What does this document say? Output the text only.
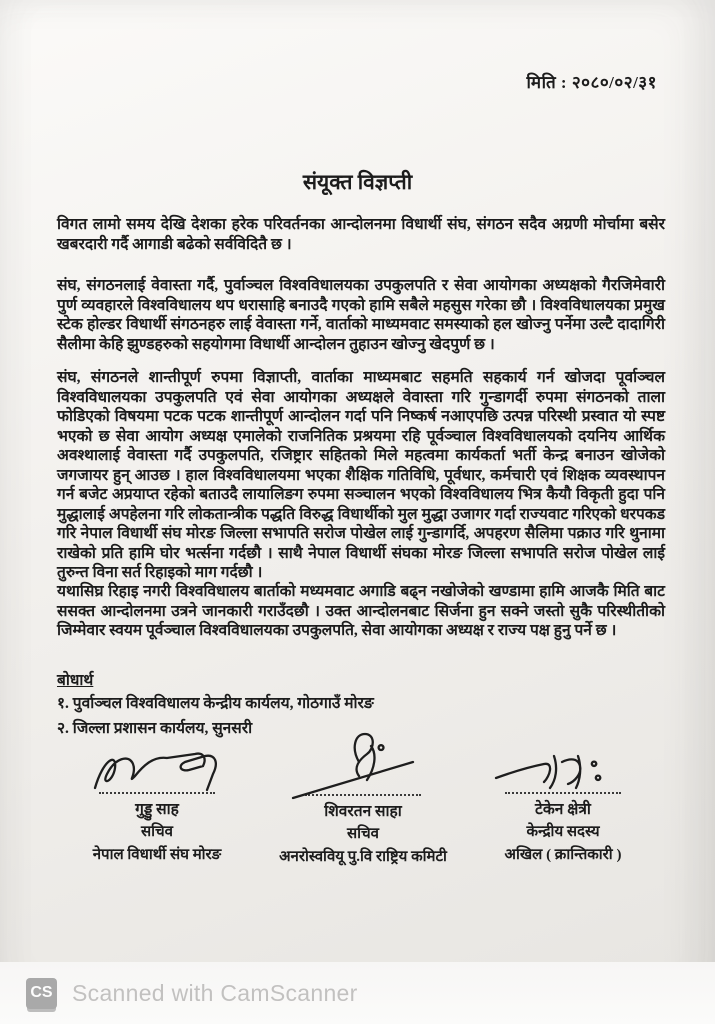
मिति : २०८०/०२/३१
संयूक्त विज्ञप्ती
विगत लामो समय देखि देशका हरेक परिवर्तनका आन्दोलनमा विधार्थी संघ, संगठन सदैव अग्रणी मोर्चामा बसेर खबरदारी गर्दै आगाडी बढेको सर्वविदितै छ ।
संघ, संगठनलाई वेवास्ता गर्दै, पुर्वाञ्चल विश्वविधालयका उपकुलपति र सेवा आयोगका अध्यक्षको गैरजिमेवारी पुर्ण व्यवहारले विश्वविधालय थप धरासाहि बनाउदै गएको हामि सबैले महसुस गरेका छौ । विश्वविधालयका प्रमुख स्टेक होल्डर विधार्थी संगठनहरु लाई वेवास्ता गर्ने, वार्ताको माध्यमवाट समस्याको हल खोज्नु पर्नेमा उल्टै दादागिरी सैलीमा केहि झुण्डहरुको सहयोगमा विधार्थी आन्दोलन तुहाउन खोज्नु खेदपुर्ण छ ।
संघ, संगठनले शान्तीपूर्ण रुपमा विज्ञाप्ती, वार्ताका माध्यमबाट सहमति सहकार्य गर्न खोजदा पूर्वाञ्चल विश्वविधालयका उपकुलपति एवं सेवा आयोगका अध्यक्षले वेवास्ता गरि गुन्डागर्दी रुपमा संगठनको ताला फोडिएको विषयमा पटक पटक शान्तीपूर्ण आन्दोलन गर्दा पनि निष्कर्ष नआएपछि उत्पन्न परिस्थी प्रस्वात यो स्पष्ट भएको छ सेवा आयोग अध्यक्ष एमालेको राजनितिक प्रश्रयमा रहि पूर्वञ्चाल विश्वविधालयको दयनिय आर्थिक अवश्थालाई वेवास्ता गर्दै उपकुलपति, रजिष्ट्रार सहितको मिले महत्वमा कार्यकर्ता भर्ती केन्द्र बनाउन खोजेको जगजायर हुन् आउछ । हाल विश्वविधालयमा भएका शैक्षिक गतिविधि, पूर्वधार, कर्मचारी एवं शिक्षक व्यवस्थापन गर्न बजेट अप्रयाप्त रहेको बताउदै लायालिङग रुपमा सञ्चालन भएको विश्वविधालय भित्र कैयौ विकृती हुदा पनि मुद्धालाई अपहेलना गरि लोकतान्त्रीक पद्धति विरुद्ध विधार्थीको मुल मुद्धा उजागर गर्दा राज्यवाट गरिएको धरपकड गरि नेपाल विधार्थी संघ मोरङ जिल्ला सभापति सरोज पोखेल लाई गुन्डागर्दि, अपहरण सैलिमा पक्राउ गरि थुनामा राखेको प्रति हामि घोर भर्त्सना गर्दछौ । साथै नेपाल विधार्थी संघका मोरङ जिल्ला सभापति सरोज पोखेल लाई तुरुन्त विना सर्त रिहाइको माग गर्दछौ ।
यथासिघ्र रिहाइ नगरी विश्वविधालय बार्ताको मध्यमवाट अगाडि बढ्न नखोजेको खण्डामा हामि आजकै मिति बाट ससक्त आन्दोलनमा उत्रने जानकारी गराउँदछौ । उक्त आन्दोलनबाट सिर्जना हुन सक्ने जस्तो सुकै परिस्थीतीको जिम्मेवार स्वयम पूर्वञ्चाल विश्वविधालयका उपकुलपति, सेवा आयोगका अध्यक्ष र राज्य पक्ष हुनु पर्ने छ ।
बोधार्थ
१. पुर्वाञ्चल विश्वविधालय केन्द्रीय कार्यलय, गोठगाउँ मोरङ
२. जिल्ला प्रशासन कार्यलय, सुनसरी
गुड्डु साह
सचिव
नेपाल विधार्थी संघ मोरङ
शिवरतन साहा
सचिव
अनरोस्ववियू पु.वि राष्ट्रिय कमिटी
टेकेन क्षेत्री
केन्द्रीय सदस्य
अखिल ( क्रान्तिकारी )
CS Scanned with CamScanner
